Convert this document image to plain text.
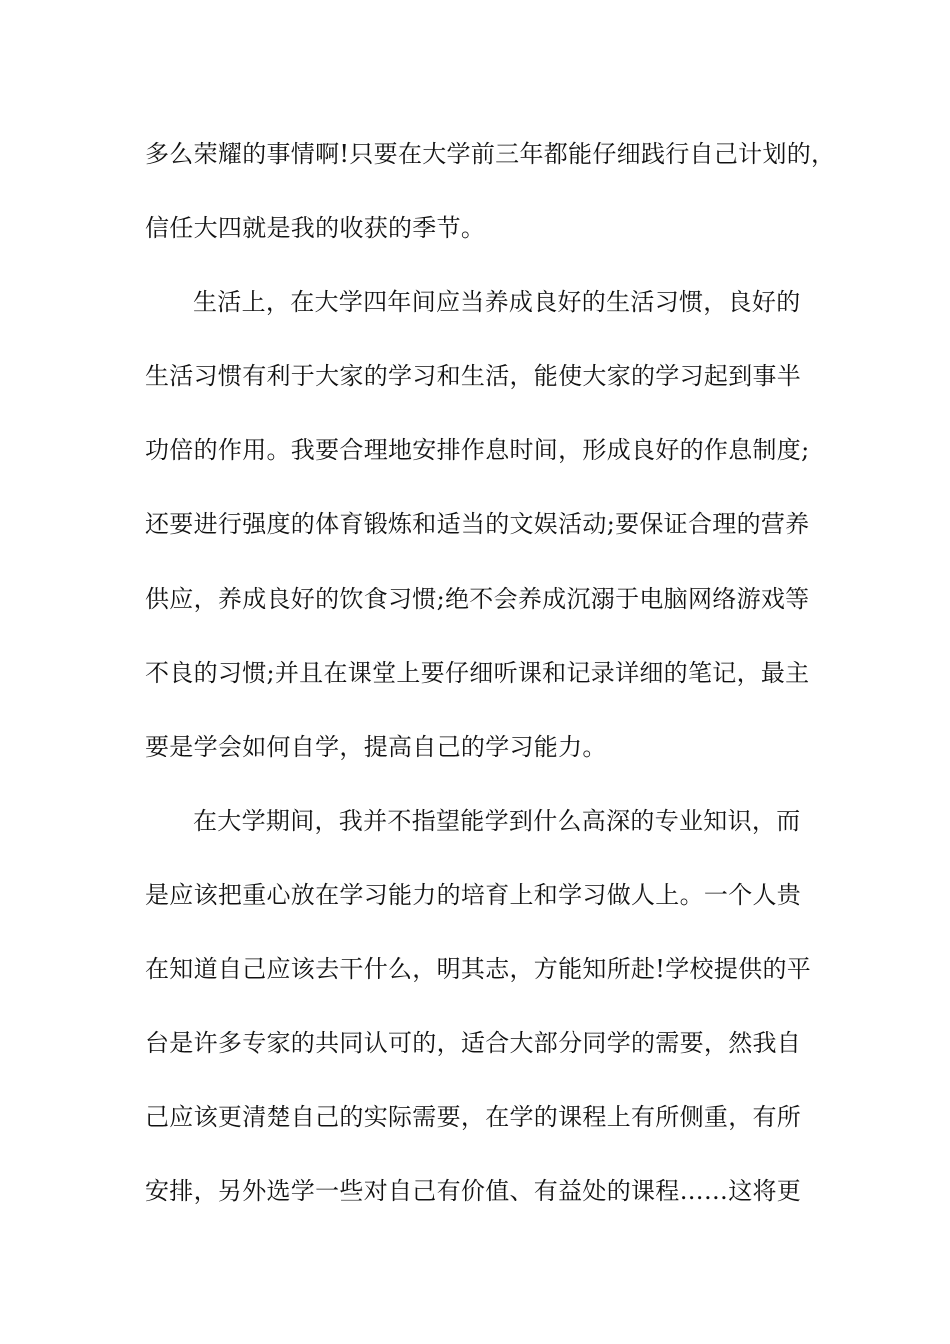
多么荣耀的事情啊!只要在大学前三年都能仔细践行自己计划的，
信任大四就是我的收获的季节。
生活上，在大学四年间应当养成良好的生活习惯，良好的
生活习惯有利于大家的学习和生活，能使大家的学习起到事半
功倍的作用。我要合理地安排作息时间，形成良好的作息制度;
还要进行强度的体育锻炼和适当的文娱活动;要保证合理的营养
供应，养成良好的饮食习惯;绝不会养成沉溺于电脑网络游戏等
不良的习惯;并且在课堂上要仔细听课和记录详细的笔记，最主
要是学会如何自学，提高自己的学习能力。
在大学期间，我并不指望能学到什么高深的专业知识，而
是应该把重心放在学习能力的培育上和学习做人上。一个人贵
在知道自己应该去干什么，明其志，方能知所赴!学校提供的平
台是许多专家的共同认可的，适合大部分同学的需要，然我自
己应该更清楚自己的实际需要，在学的课程上有所侧重，有所
安排，另外选学一些对自己有价值、有益处的课程……这将更
